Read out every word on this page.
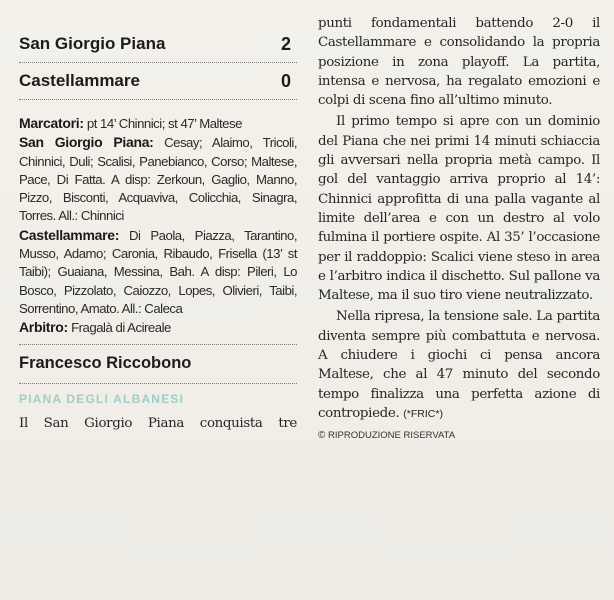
San Giorgio Piana	2
Castellammare	0

Marcatori: pt 14’ Chinnici; st 47’ Maltese

San Giorgio Piana: Cesay; Alaimo, Tricoli, Chinnici, Duli; Scalisi, Panebianco, Corso; Maltese, Pace, Di Fatta. A disp: Zerkoun, Gaglio, Manno, Pizzo, Bisconti, Acquaviva, Colicchia, Sinagra, Torres. All.: Chinnici

Castellammare: Di Paola, Piazza, Tarantino, Musso, Adamo; Caronia, Ribaudo, Frisella (13’ st Taibi); Guaiana, Messina, Bah. A disp: Pileri, Lo Bosco, Pizzolato, Caiozzo, Lopes, Olivieri, Taibi, Sorrentino, Amato. All.: Caleca

Arbitro: Fragalà di Acireale

Francesco Riccobono
PIANA DEGLI ALBANESI

Il San Giorgio Piana conquista tre

punti fondamentali battendo 2-0 il Castellammare e consolidando la propria posizione in zona playoff. La partita, intensa e nervosa, ha regalato emozioni e colpi di scena fino all’ultimo minuto.

Il primo tempo si apre con un dominio del Piana che nei primi 14 minuti schiaccia gli avversari nella propria metà campo. Il gol del vantaggio arriva proprio al 14’: Chinnici approfitta di una palla vagante al limite dell’area e con un destro al volo fulmina il portiere ospite. Al 35’ l’occasione per il raddoppio: Scalici viene steso in area e l’arbitro indica il dischetto. Sul pallone va Maltese, ma il suo tiro viene neutralizzato.

Nella ripresa, la tensione sale. La partita diventa sempre più combattuta e nervosa. A chiudere i giochi ci pensa ancora Maltese, che al 47 minuto del secondo tempo finalizza una perfetta azione di contropiede. (*FRIC*)

© RIPRODUZIONE RISERVATA
